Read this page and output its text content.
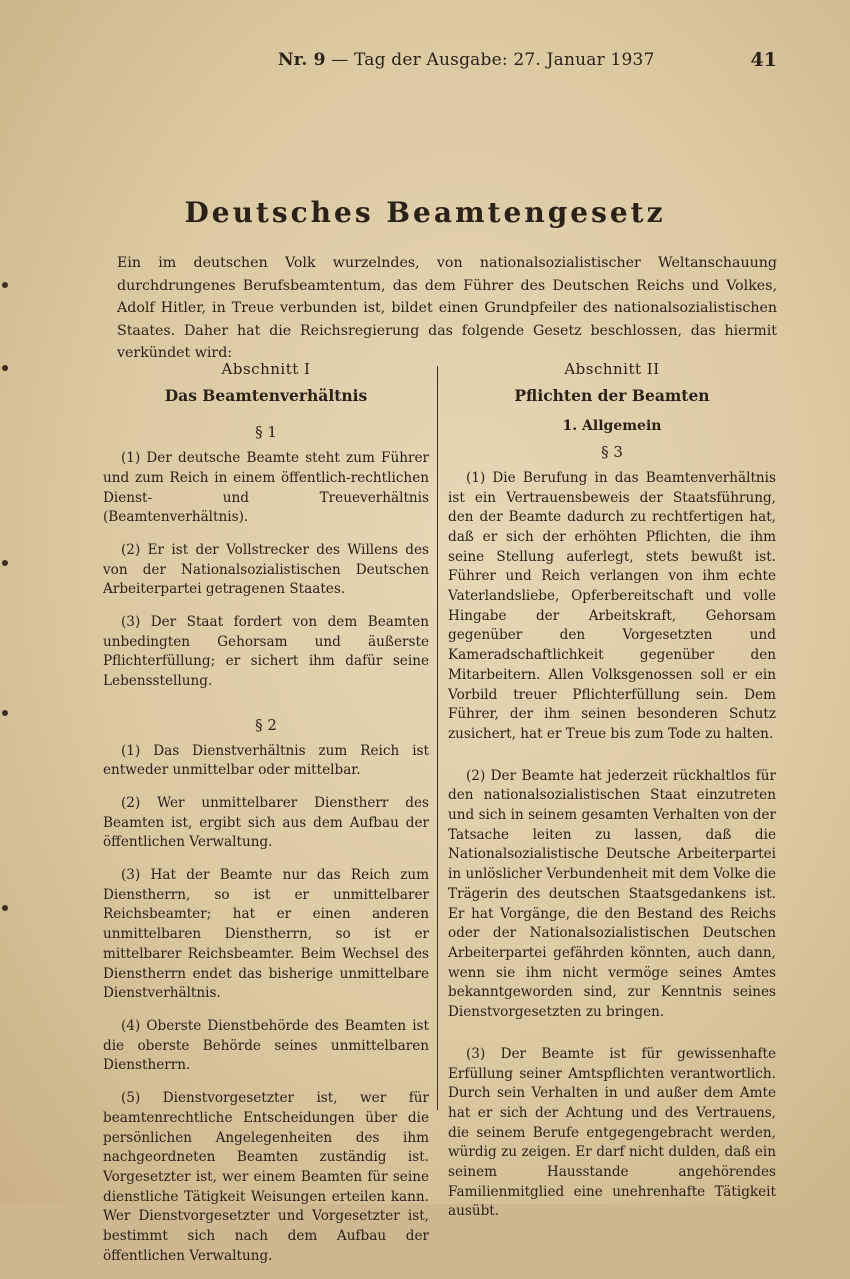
Nr. 9 — Tag der Ausgabe: 27. Januar 1937	41
Deutsches Beamtengesetz
Ein im deutschen Volk wurzelndes, von nationalsozialistischer Weltanschauung durchdrungenes Berufsbeamtentum, das dem Führer des Deutschen Reichs und Volkes, Adolf Hitler, in Treue verbunden ist, bildet einen Grundpfeiler des nationalsozialistischen Staates. Daher hat die Reichsregierung das folgende Gesetz beschlossen, das hiermit verkündet wird:
Abschnitt I
Das Beamtenverhältnis
§ 1

(1) Der deutsche Beamte steht zum Führer und zum Reich in einem öffentlich-rechtlichen Dienst- und Treueverhältnis (Beamtenverhältnis).

(2) Er ist der Vollstrecker des Willens des von der Nationalsozialistischen Deutschen Arbeiterpartei getragenen Staates.

(3) Der Staat fordert von dem Beamten unbedingten Gehorsam und äußerste Pflichterfüllung; er sichert ihm dafür seine Lebensstellung.

§ 2

(1) Das Dienstverhältnis zum Reich ist entweder unmittelbar oder mittelbar.

(2) Wer unmittelbarer Dienstherr des Beamten ist, ergibt sich aus dem Aufbau der öffentlichen Verwaltung.

(3) Hat der Beamte nur das Reich zum Dienstherrn, so ist er unmittelbarer Reichsbeamter; hat er einen anderen unmittelbaren Dienstherrn, so ist er mittelbarer Reichsbeamter. Beim Wechsel des Dienstherrn endet das bisherige unmittelbare Dienstverhältnis.

(4) Oberste Dienstbehörde des Beamten ist die oberste Behörde seines unmittelbaren Dienstherrn.

(5) Dienstvorgesetzter ist, wer für beamtenrechtliche Entscheidungen über die persönlichen Angelegenheiten des ihm nachgeordneten Beamten zuständig ist. Vorgesetzter ist, wer einem Beamten für seine dienstliche Tätigkeit Weisungen erteilen kann. Wer Dienstvorgesetzter und Vorgesetzter ist, bestimmt sich nach dem Aufbau der öffentlichen Verwaltung.

Abschnitt II
Pflichten der Beamten
1. Allgemein
§ 3

(1) Die Berufung in das Beamtenverhältnis ist ein Vertrauensbeweis der Staatsführung, den der Beamte dadurch zu rechtfertigen hat, daß er sich der erhöhten Pflichten, die ihm seine Stellung auferlegt, stets bewußt ist. Führer und Reich verlangen von ihm echte Vaterlandsliebe, Opferbereitschaft und volle Hingabe der Arbeitskraft, Gehorsam gegenüber den Vorgesetzten und Kameradschaftlichkeit gegenüber den Mitarbeitern. Allen Volksgenossen soll er ein Vorbild treuer Pflichterfüllung sein. Dem Führer, der ihm seinen besonderen Schutz zusichert, hat er Treue bis zum Tode zu halten.

(2) Der Beamte hat jederzeit rückhaltlos für den nationalsozialistischen Staat einzutreten und sich in seinem gesamten Verhalten von der Tatsache leiten zu lassen, daß die Nationalsozialistische Deutsche Arbeiterpartei in unlöslicher Verbundenheit mit dem Volke die Trägerin des deutschen Staatsgedankens ist. Er hat Vorgänge, die den Bestand des Reichs oder der Nationalsozialistischen Deutschen Arbeiterpartei gefährden könnten, auch dann, wenn sie ihm nicht vermöge seines Amtes bekanntgeworden sind, zur Kenntnis seines Dienstvorgesetzten zu bringen.

(3) Der Beamte ist für gewissenhafte Erfüllung seiner Amtspflichten verantwortlich. Durch sein Verhalten in und außer dem Amte hat er sich der Achtung und des Vertrauens, die seinem Berufe entgegengebracht werden, würdig zu zeigen. Er darf nicht dulden, daß ein seinem Hausstande angehörendes Familienmitglied eine unehrenhafte Tätigkeit ausübt.
